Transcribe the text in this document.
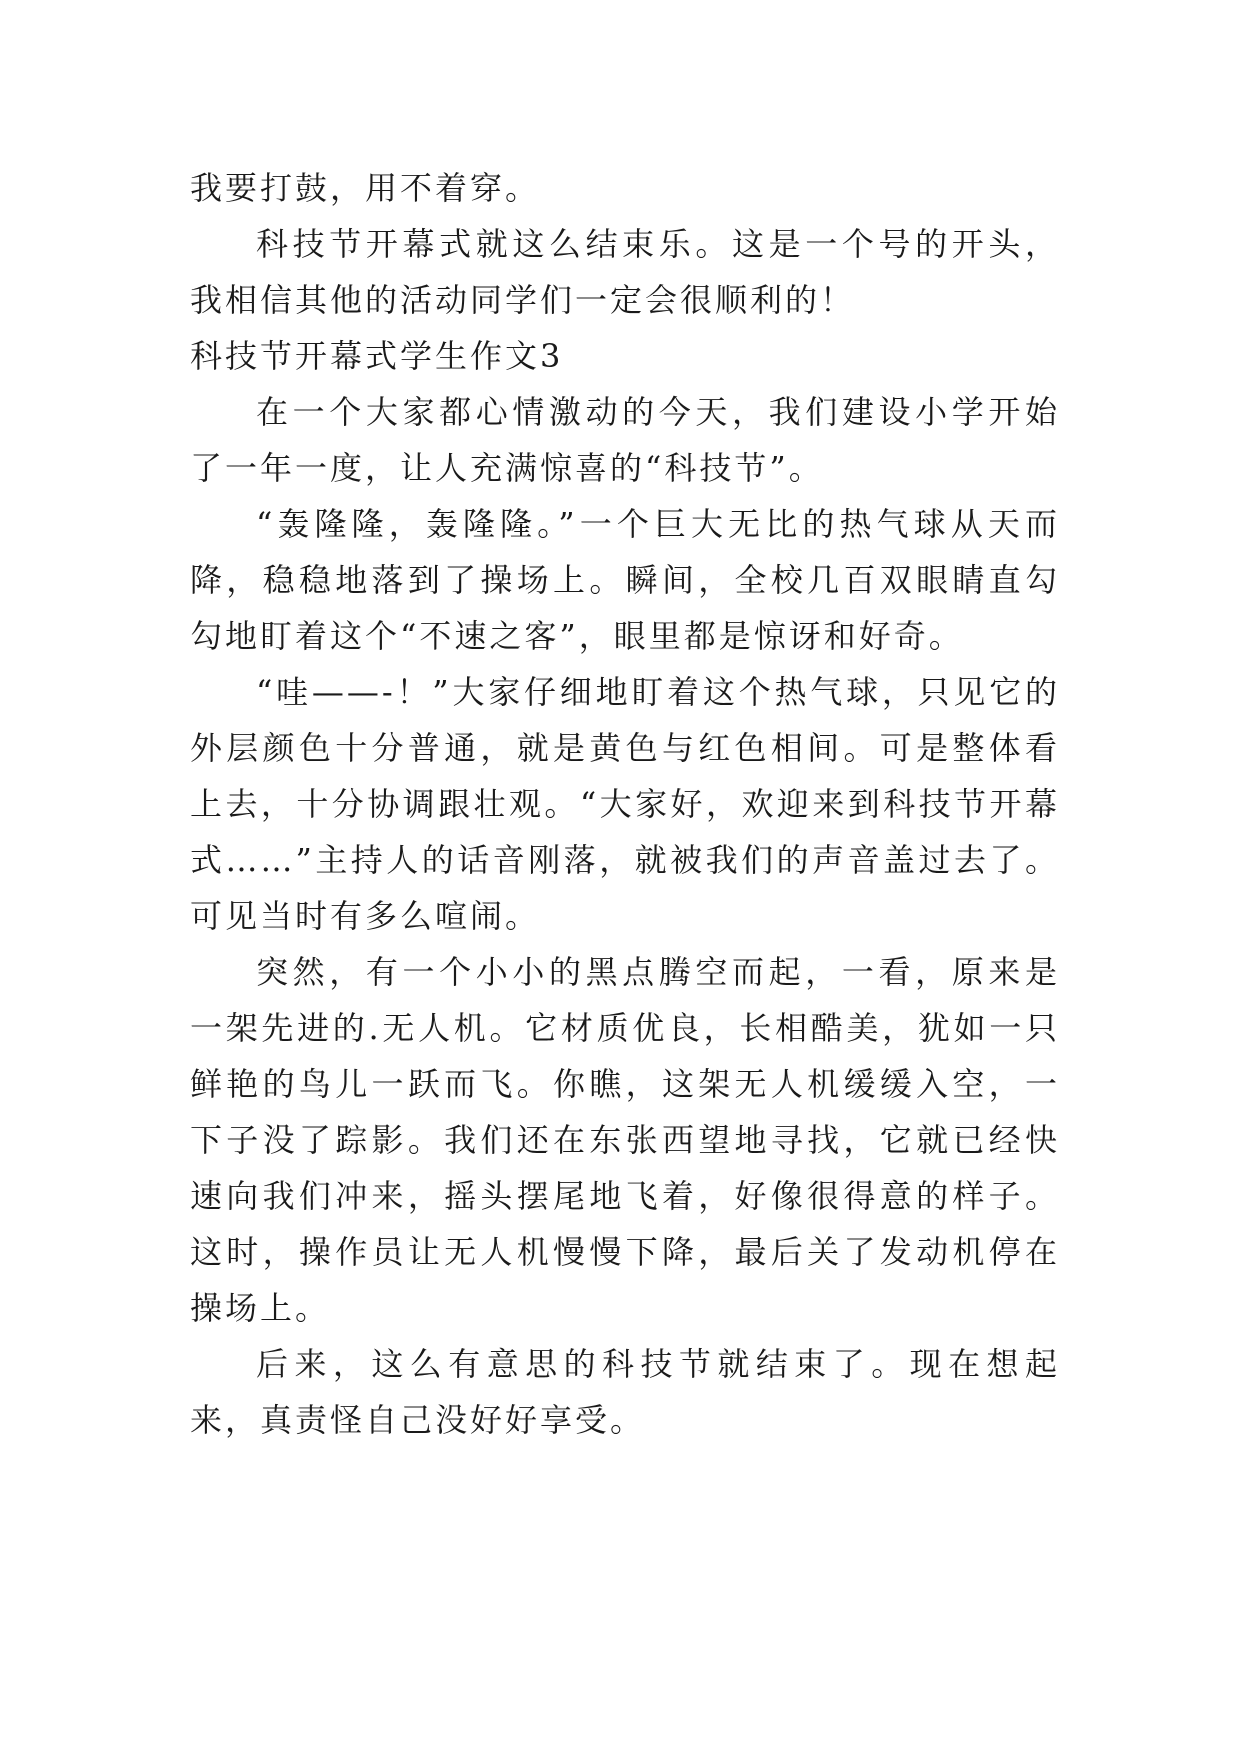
我要打鼓，用不着穿。

科技节开幕式就这么结束乐。这是一个号的开头，我相信其他的活动同学们一定会很顺利的！

科技节开幕式学生作文3

在一个大家都心情激动的今天，我们建设小学开始了一年一度，让人充满惊喜的“科技节”。

“轰隆隆，轰隆隆。”一个巨大无比的热气球从天而降，稳稳地落到了操场上。瞬间，全校几百双眼睛直勾勾地盯着这个“不速之客”，眼里都是惊讶和好奇。

“哇——-！”大家仔细地盯着这个热气球，只见它的外层颜色十分普通，就是黄色与红色相间。可是整体看上去，十分协调跟壮观。“大家好，欢迎来到科技节开幕式……”主持人的话音刚落，就被我们的声音盖过去了。可见当时有多么喧闹。

突然，有一个小小的黑点腾空而起，一看，原来是一架先进的.无人机。它材质优良，长相酷美，犹如一只鲜艳的鸟儿一跃而飞。你瞧，这架无人机缓缓入空，一下子没了踪影。我们还在东张西望地寻找，它就已经快速向我们冲来，摇头摆尾地飞着，好像很得意的样子。这时，操作员让无人机慢慢下降，最后关了发动机停在操场上。

后来，这么有意思的科技节就结束了。现在想起来，真责怪自己没好好享受。
